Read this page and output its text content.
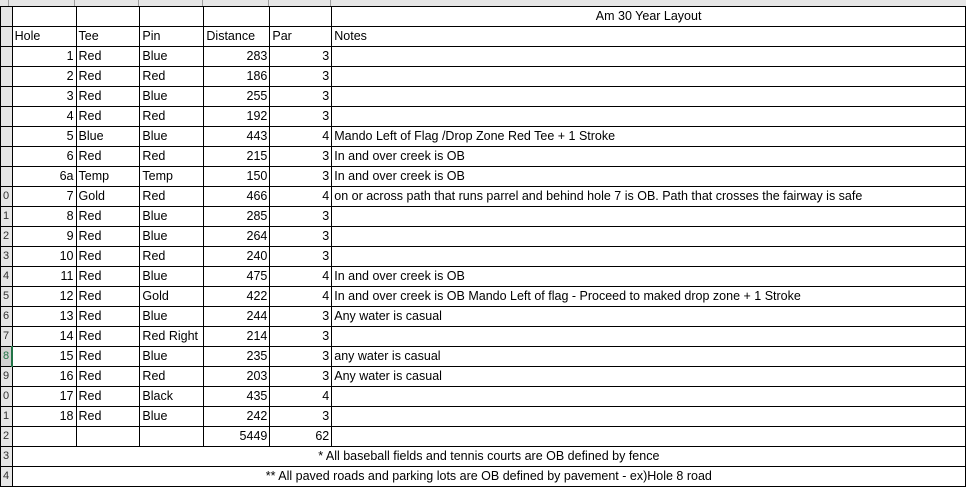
						Am 30 Year Layout
	Hole	Tee	Pin	Distance	Par	Notes
	1	Red	Blue	283	3	
	2	Red	Red	186	3	
	3	Red	Blue	255	3	
	4	Red	Red	192	3	
	5	Blue	Blue	443	4	Mando Left of Flag /Drop Zone Red Tee + 1 Stroke
	6	Red	Red	215	3	In and over creek is OB
	6a	Temp	Temp	150	3	In and over creek is OB
0	7	Gold	Red	466	4	on or across path that runs parrel and behind hole 7 is OB. Path that crosses the fairway is safe
1	8	Red	Blue	285	3	
2	9	Red	Blue	264	3	
3	10	Red	Red	240	3	
4	11	Red	Blue	475	4	In and over creek is OB
5	12	Red	Gold	422	4	In and over creek is OB Mando Left of flag - Proceed to maked drop zone + 1 Stroke
6	13	Red	Blue	244	3	Any water is casual
7	14	Red	Red Right	214	3	
8	15	Red	Blue	235	3	any water is casual
9	16	Red	Red	203	3	Any water is casual
0	17	Red	Black	435	4	
1	18	Red	Blue	242	3	
2				5449	62	
3	* All baseball fields and tennis courts are OB defined by fence					
4	** All paved roads and parking lots are OB defined by pavement - ex)Hole 8 road					
